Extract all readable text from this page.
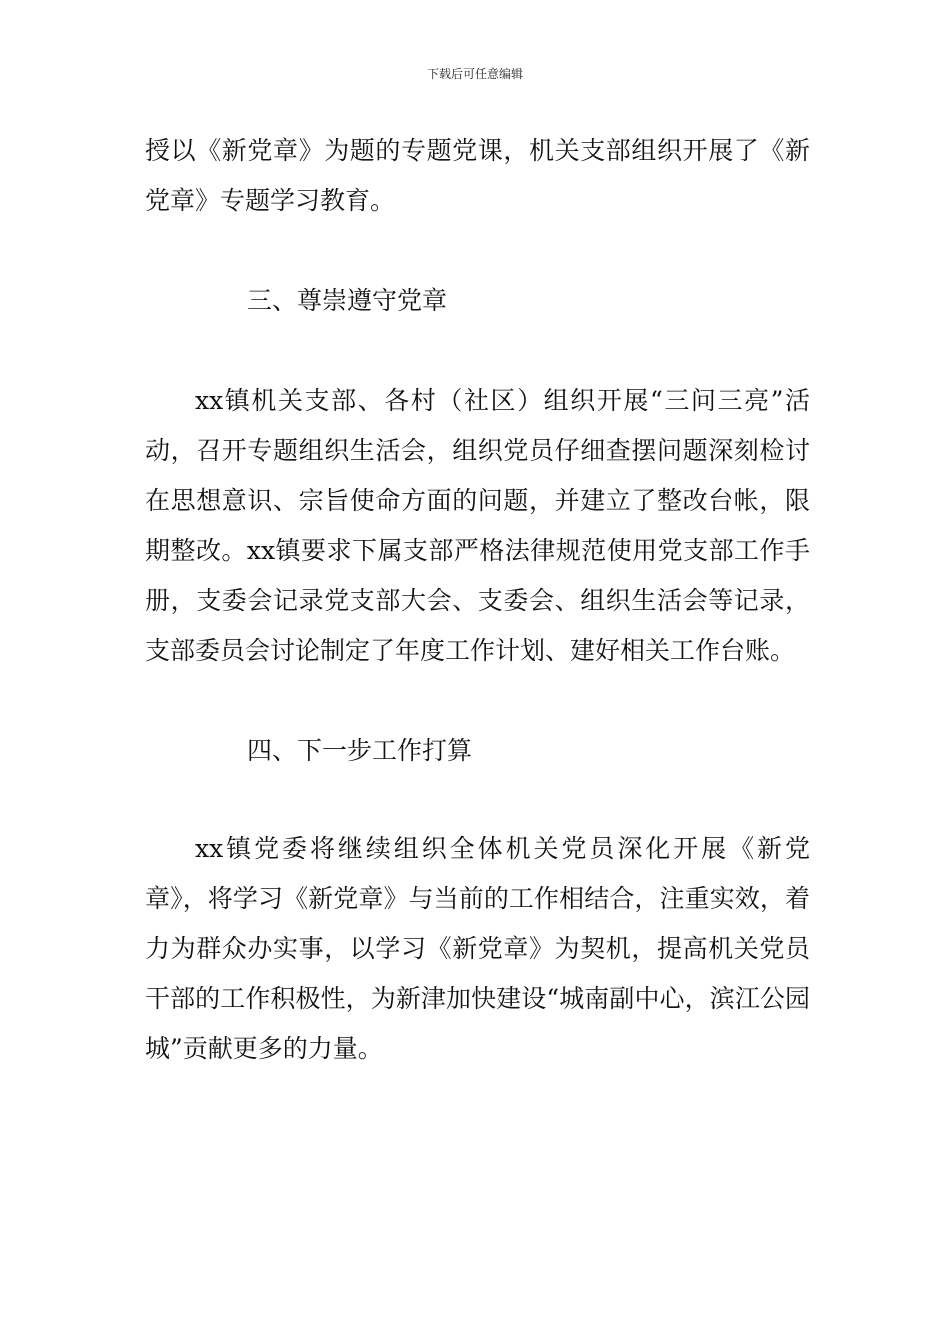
下载后可任意编辑

授以《新党章》为题的专题党课，机关支部组织开展了《新党章》专题学习教育。

三、尊崇遵守党章

xx镇机关支部、各村（社区）组织开展“三问三亮”活动，召开专题组织生活会，组织党员仔细查摆问题深刻检讨在思想意识、宗旨使命方面的问题，并建立了整改台帐，限期整改。xx镇要求下属支部严格法律规范使用党支部工作手册，支委会记录党支部大会、支委会、组织生活会等记录，支部委员会讨论制定了年度工作计划、建好相关工作台账。

四、下一步工作打算

xx镇党委将继续组织全体机关党员深化开展《新党章》，将学习《新党章》与当前的工作相结合，注重实效，着力为群众办实事，以学习《新党章》为契机，提高机关党员干部的工作积极性，为新津加快建设“城南副中心，滨江公园城”贡献更多的力量。
